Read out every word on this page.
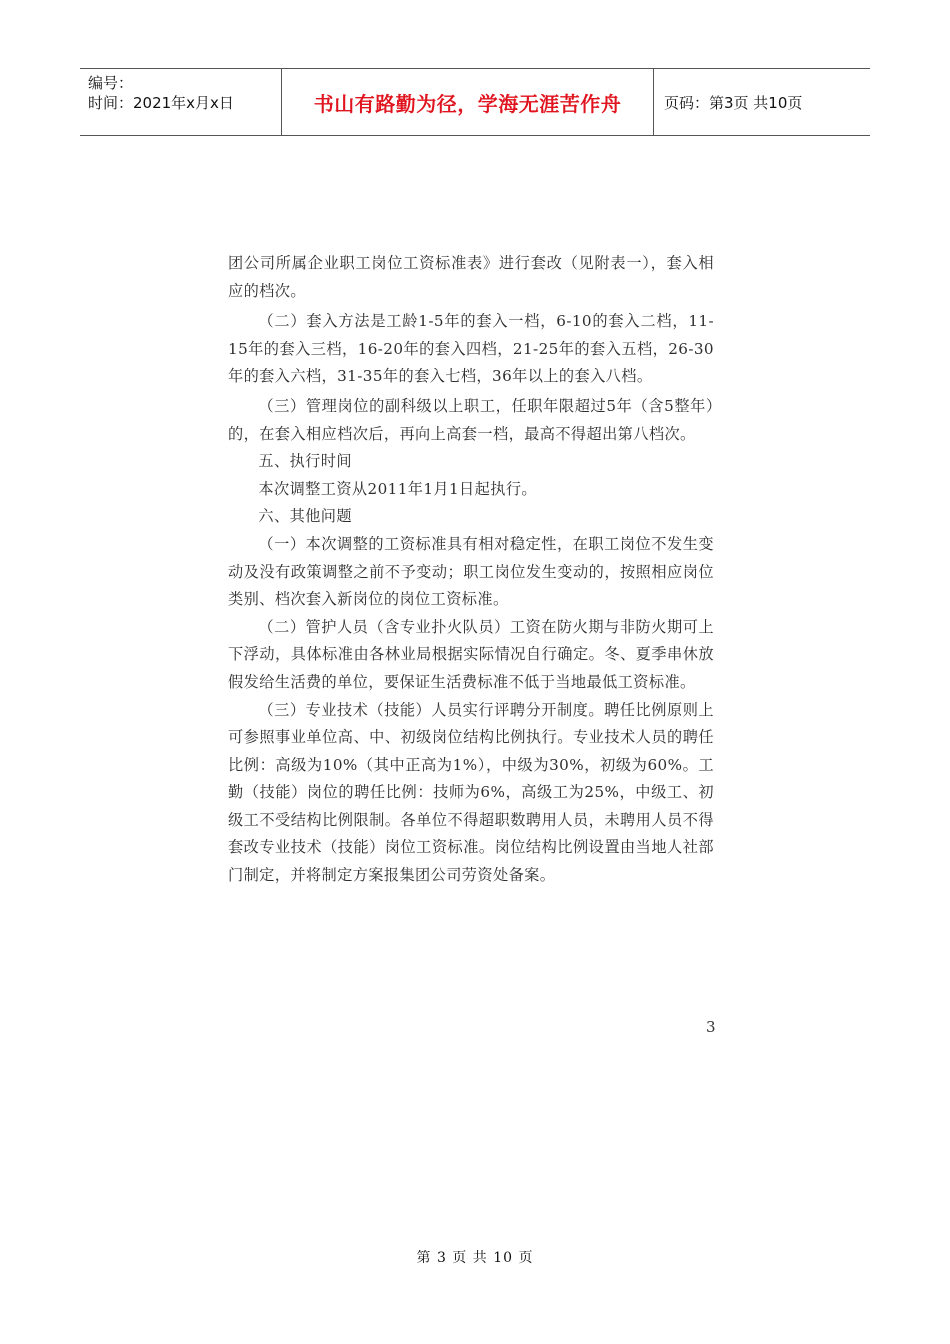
编号：
时间：2021年x月x日	书山有路勤为径，学海无涯苦作舟	页码：第3页 共10页

团公司所属企业职工岗位工资标准表》进行套改（见附表一），套入相应的档次。

（二）套入方法是工龄1-5年的套入一档，6-10的套入二档，11-15年的套入三档，16-20年的套入四档，21-25年的套入五档，26-30年的套入六档，31-35年的套入七档，36年以上的套入八档。

（三）管理岗位的副科级以上职工，任职年限超过5年（含5整年）的，在套入相应档次后，再向上高套一档，最高不得超出第八档次。

五、执行时间

本次调整工资从2011年1月1日起执行。

六、其他问题

（一）本次调整的工资标准具有相对稳定性，在职工岗位不发生变动及没有政策调整之前不予变动；职工岗位发生变动的，按照相应岗位类别、档次套入新岗位的岗位工资标准。

（二）管护人员（含专业扑火队员）工资在防火期与非防火期可上下浮动，具体标准由各林业局根据实际情况自行确定。冬、夏季串休放假发给生活费的单位，要保证生活费标准不低于当地最低工资标准。

（三）专业技术（技能）人员实行评聘分开制度。聘任比例原则上可参照事业单位高、中、初级岗位结构比例执行。专业技术人员的聘任比例：高级为10%（其中正高为1%），中级为30%，初级为60%。工勤（技能）岗位的聘任比例：技师为6%，高级工为25%，中级工、初级工不受结构比例限制。各单位不得超职数聘用人员，未聘用人员不得套改专业技术（技能）岗位工资标准。岗位结构比例设置由当地人社部门制定，并将制定方案报集团公司劳资处备案。

3
第 3 页 共 10 页
